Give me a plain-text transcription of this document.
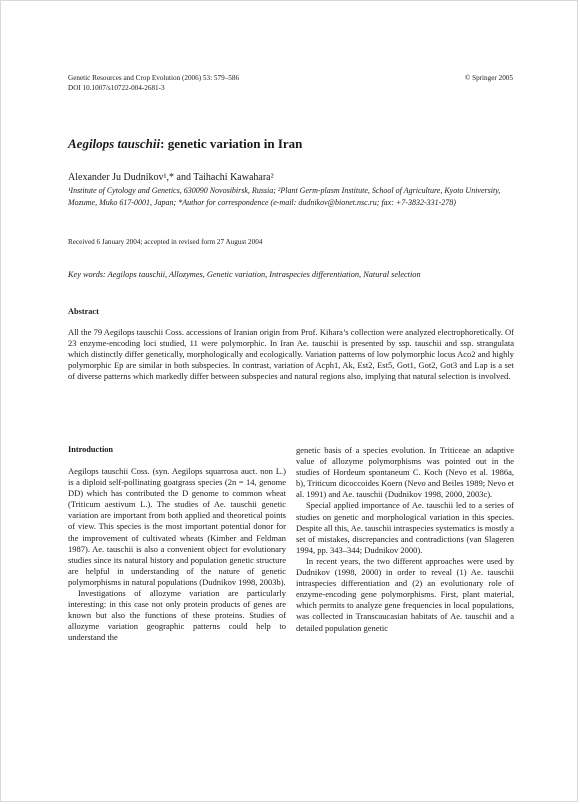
Genetic Resources and Crop Evolution (2006) 53: 579–586
DOI 10.1007/s10722-004-2681-3
© Springer 2005
Aegilops tauschii: genetic variation in Iran
Alexander Ju Dudnikov¹,* and Taihachi Kawahara²
¹Institute of Cytology and Genetics, 630090 Novosibirsk, Russia; ²Plant Germ-plasm Institute, School of Agriculture, Kyoto University, Mozume, Muko 617-0001, Japan; *Author for correspondence (e-mail: dudnikov@bionet.nsc.ru; fax: +7-3832-331-278)
Received 6 January 2004; accepted in revised form 27 August 2004
Key words: Aegilops tauschii, Allozymes, Genetic variation, Intraspecies differentiation, Natural selection
Abstract
All the 79 Aegilops tauschii Coss. accessions of Iranian origin from Prof. Kihara’s collection were analyzed electrophoretically. Of 23 enzyme-encoding loci studied, 11 were polymorphic. In Iran Ae. tauschii is presented by ssp. tauschii and ssp. strangulata which distinctly differ genetically, morphologically and ecologically. Variation patterns of low polymorphic locus Aco2 and highly polymorphic Ep are similar in both subspecies. In contrast, variation of Acph1, Ak, Est2, Est5, Got1, Got2, Got3 and Lap is a set of diverse patterns which markedly differ between subspecies and natural regions also, implying that natural selection is involved.
Introduction

Aegilops tauschii Coss. (syn. Aegilops squarrosa auct. non L.) is a diploid self-pollinating goatgrass species (2n = 14, genome DD) which has contributed the D genome to common wheat (Triticum aestivum L.). The studies of Ae. tauschii genetic variation are important from both applied and theoretical points of view. This species is the most important potential donor for the improvement of cultivated wheats (Kimber and Feldman 1987). Ae. tauschii is also a convenient object for evolutionary studies since its natural history and population genetic structure are helpful in understanding of the nature of genetic polymorphisms in natural populations (Dudnikov 1998, 2003b).

Investigations of allozyme variation are particularly interesting: in this case not only protein products of genes are known but also the functions of these proteins. Studies of allozyme variation geographic patterns could help to understand the

genetic basis of a species evolution. In Triticeae an adaptive value of allozyme polymorphisms was pointed out in the studies of Hordeum spontaneum C. Koch (Nevo et al. 1986a, b), Triticum dicoccoides Koern (Nevo and Beiles 1989; Nevo et al. 1991) and Ae. tauschii (Dudnikov 1998, 2000, 2003c).

Special applied importance of Ae. tauschii led to a series of studies on genetic and morphological variation in this species. Despite all this, Ae. tauschii intraspecies systematics is mostly a set of mistakes, discrepancies and contradictions (van Slageren 1994, pp. 343–344; Dudnikov 2000).

In recent years, the two different approaches were used by Dudnikov (1998, 2000) in order to reveal (1) Ae. tauschii intraspecies differentiation and (2) an evolutionary role of enzyme-encoding gene polymorphisms. First, plant material, which permits to analyze gene frequencies in local populations, was collected in Transcaucasian habitats of Ae. tauschii and a detailed population genetic
